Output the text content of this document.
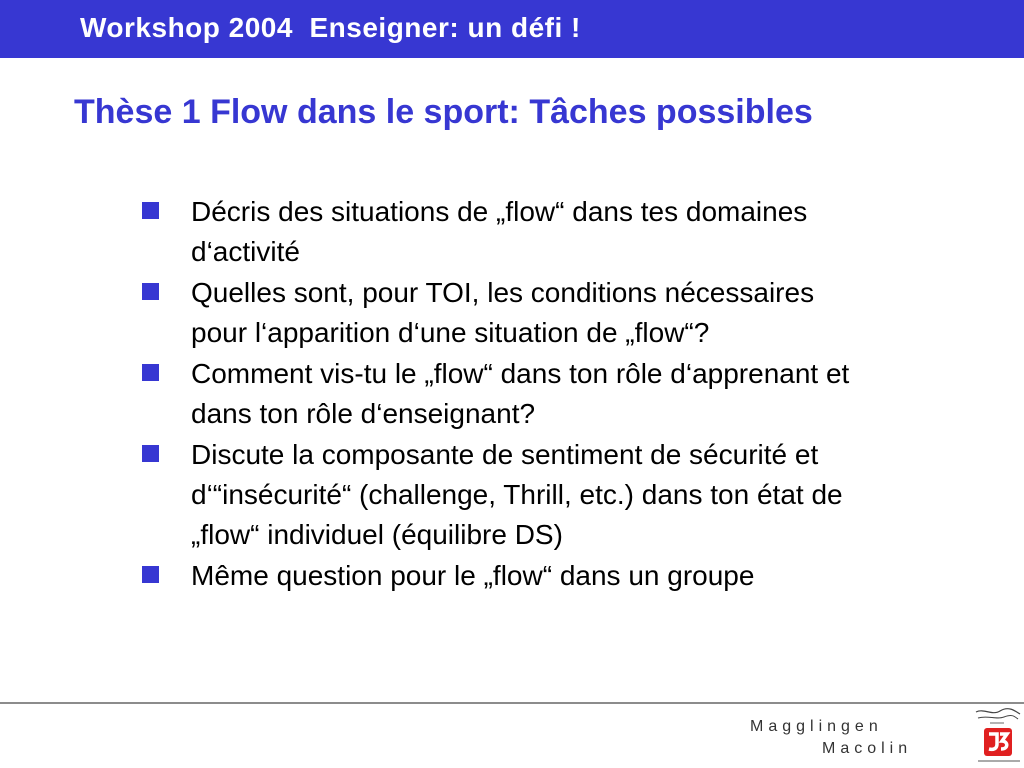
Workshop 2004  Enseigner: un défi !
Thèse 1 Flow dans le sport: Tâches possibles
Décris des situations de „flow“ dans tes domaines
d‘activité
Quelles sont, pour TOI, les conditions nécessaires
pour l‘apparition d‘une situation de „flow“?
Comment vis-tu le „flow“ dans ton rôle d‘apprenant et
dans ton rôle d‘enseignant?
Discute la composante de sentiment de sécurité et
d‘“insécurité“ (challenge, Thrill, etc.) dans ton état de
„flow“ individuel (équilibre DS)
Même question pour le „flow“ dans un groupe
Magglingen
Macolin
